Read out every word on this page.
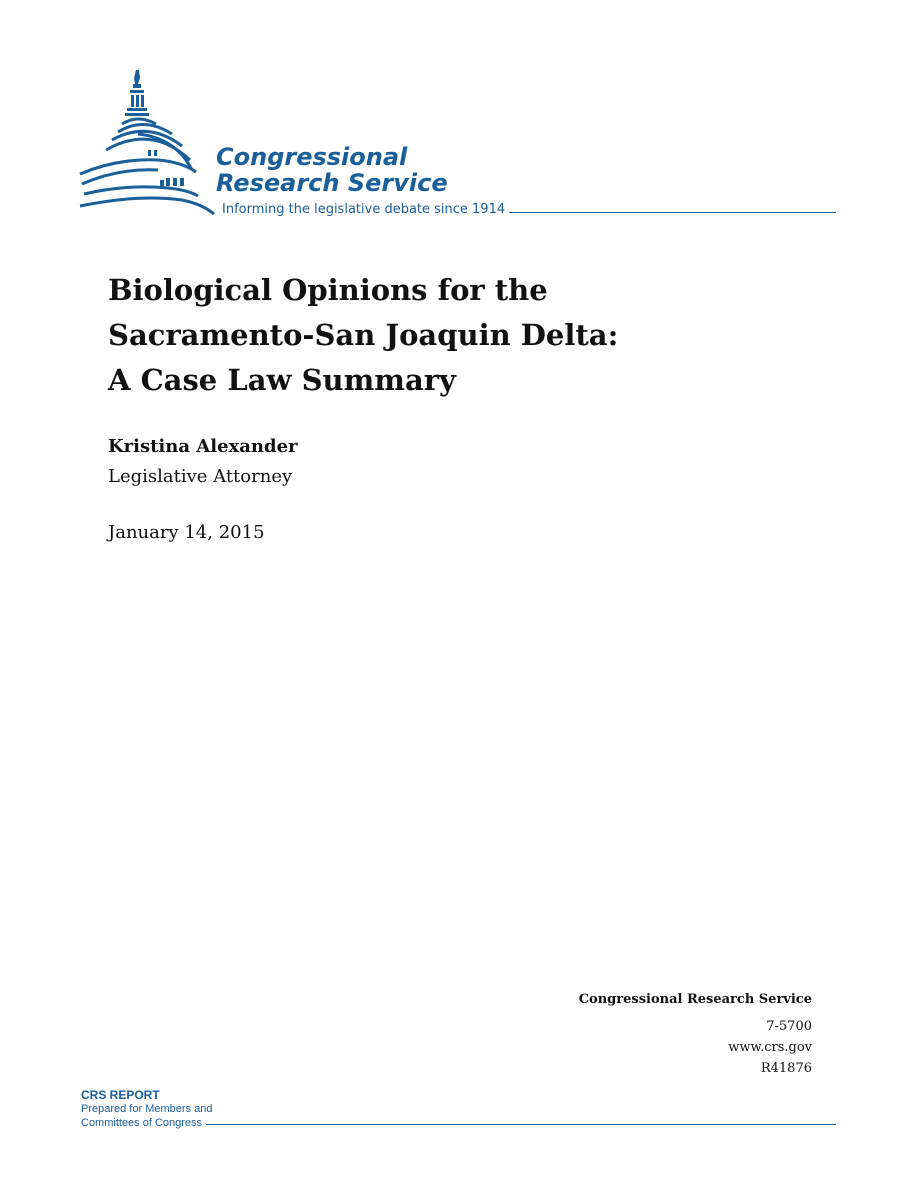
Congressional
Research Service
Informing the legislative debate since 1914
Biological Opinions for the
Sacramento-San Joaquin Delta:
A Case Law Summary
Kristina Alexander
Legislative Attorney
January 14, 2015
Congressional Research Service
7-5700
www.crs.gov
R41876
CRS REPORT
Prepared for Members and
Committees of Congress
